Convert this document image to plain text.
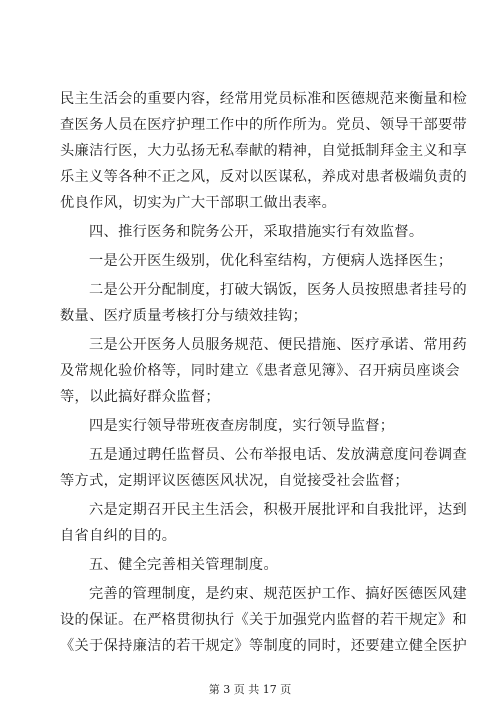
民主生活会的重要内容，经常用党员标准和医德规范来衡量和检
查医务人员在医疗护理工作中的所作所为。党员、领导干部要带
头廉洁行医，大力弘扬无私奉献的精神，自觉抵制拜金主义和享
乐主义等各种不正之风，反对以医谋私，养成对患者极端负责的
优良作风，切实为广大干部职工做出表率。
四、推行医务和院务公开，采取措施实行有效监督。
一是公开医生级别，优化科室结构，方便病人选择医生；
二是公开分配制度，打破大锅饭，医务人员按照患者挂号的
数量、医疗质量考核打分与绩效挂钩；
三是公开医务人员服务规范、便民措施、医疗承诺、常用药
及常规化验价格等，同时建立《患者意见簿》、召开病员座谈会
等，以此搞好群众监督；
四是实行领导带班夜查房制度，实行领导监督；
五是通过聘任监督员、公布举报电话、发放满意度问卷调查
等方式，定期评议医德医风状况，自觉接受社会监督；
六是定期召开民主生活会，积极开展批评和自我批评，达到
自省自纠的目的。
五、健全完善相关管理制度。
完善的管理制度，是约束、规范医护工作、搞好医德医风建
设的保证。在严格贯彻执行《关于加强党内监督的若干规定》和
《关于保持廉洁的若干规定》等制度的同时，还要建立健全医护
第 3 页 共 17 页
